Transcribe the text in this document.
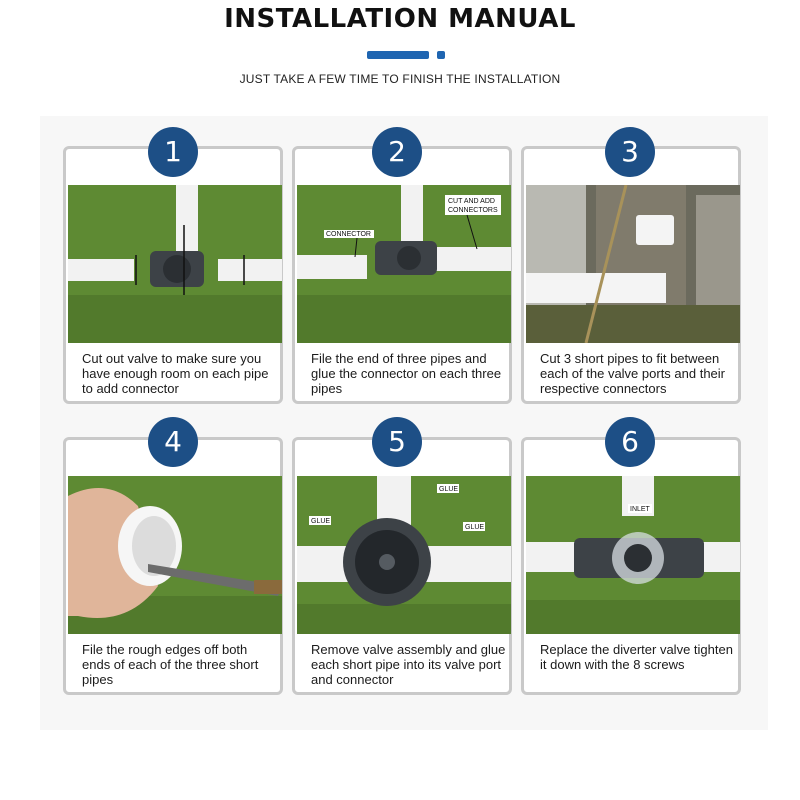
INSTALLATION MANUAL
JUST TAKE A FEW TIME TO FINISH THE INSTALLATION
Cut out valve to make sure you have enough room on each pipe to add connector
1
CONNECTOR
CUT AND ADD
CONNECTORS
File the end of three pipes and glue the connector on each three pipes
2
Cut 3 short pipes to fit between each of the valve ports and their respective connectors
3
File the rough edges off both ends of each of the three short pipes
4
GLUE
GLUE
GLUE
Remove valve assembly and glue each short pipe into its valve port and connector
5
INLET
Replace the diverter valve tighten it down with the 8 screws
6
